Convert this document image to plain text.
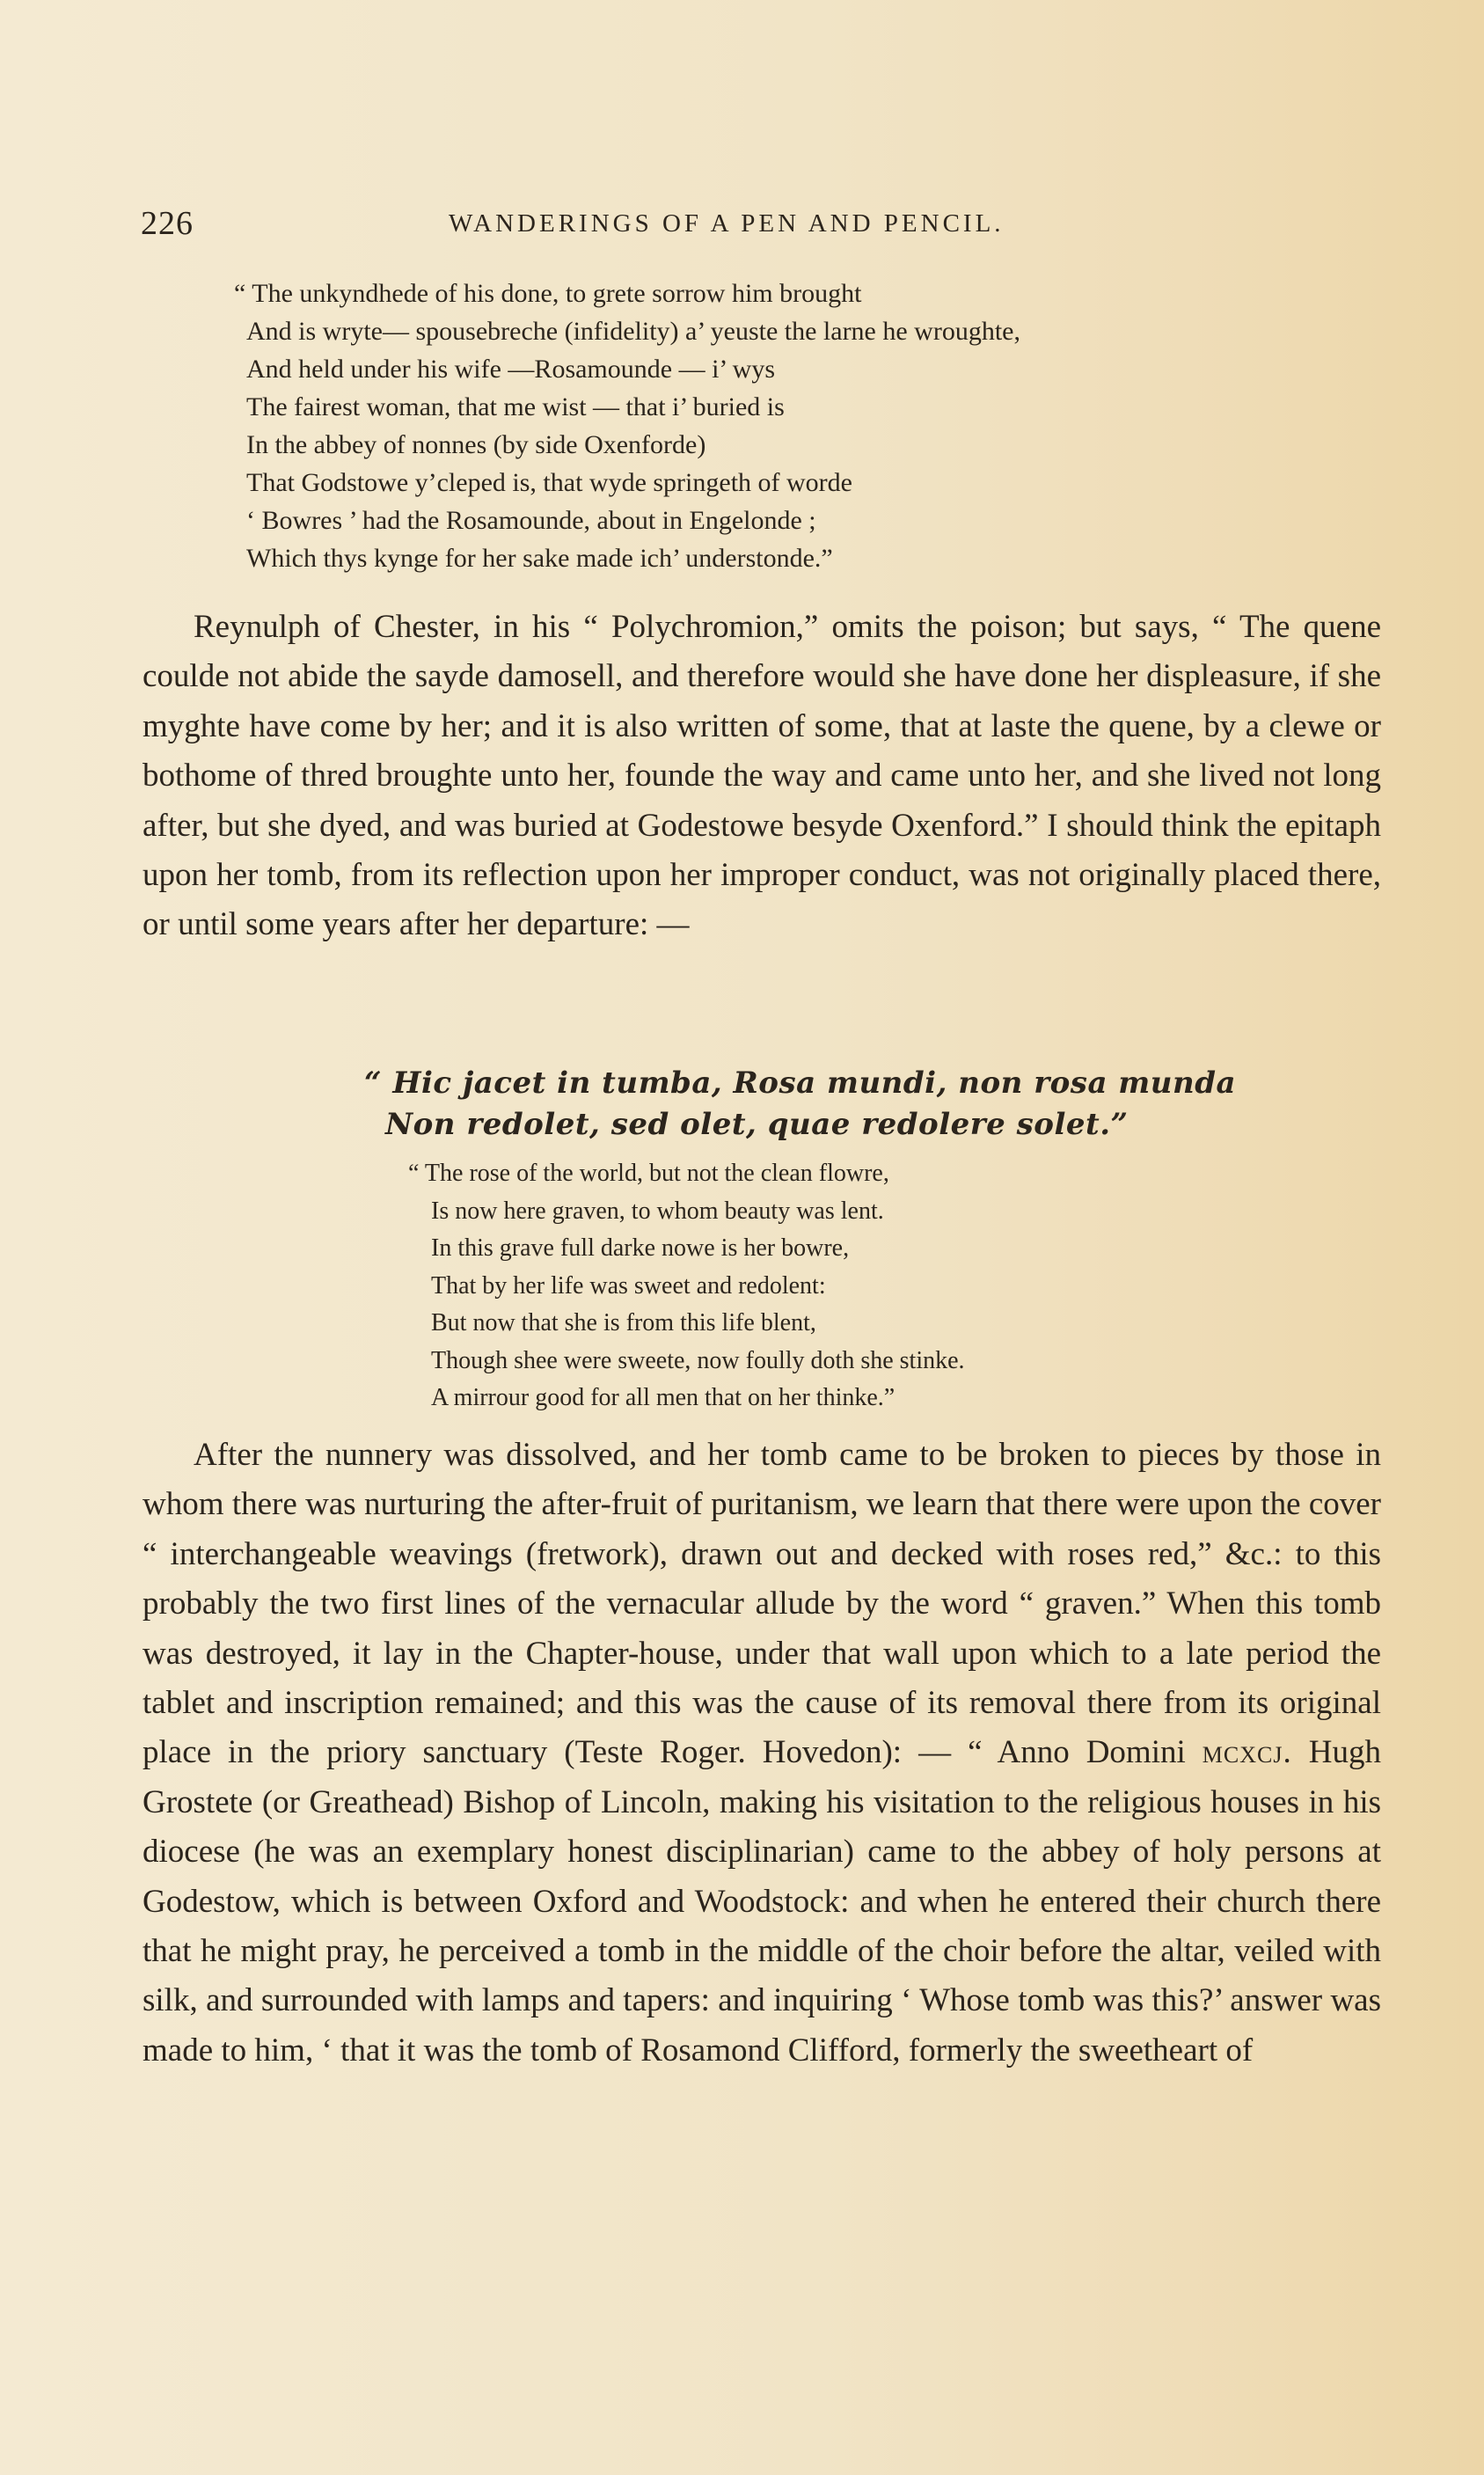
226	WANDERINGS OF A PEN AND PENCIL.
“ The unkyndhede of his done, to grete sorrow him brought
And is wryte— spousebreche (infidelity) a’ yeuste the larne he wroughte,
And held under his wife —Rosamounde — i’ wys
The fairest woman, that me wist — that i’ buried is
In the abbey of nonnes (by side Oxenforde)
That Godstowe y’cleped is, that wyde springeth of worde
‘ Bowres ’ had the Rosamounde, about in Engelonde ;
Which thys kynge for her sake made ich’ understonde.”

Reynulph of Chester, in his “ Polychromion,” omits the poison; but says, “ The quene coulde not abide the sayde damosell, and therefore would she have done her displeasure, if she myghte have come by her; and it is also written of some, that at laste the quene, by a clewe or bothome of thred broughte unto her, founde the way and came unto her, and she lived not long after, but she dyed, and was buried at Godestowe besyde Oxenford.” I should think the epitaph upon her tomb, from its reflection upon her improper conduct, was not originally placed there, or until some years after her departure: —

“ Hic jacet in tumba, Rosa mundi, non rosa munda
Non redolet, sed olet, quae redolere solet.”
“ The rose of the world, but not the clean flowre,
Is now here graven, to whom beauty was lent.
In this grave full darke nowe is her bowre,
That by her life was sweet and redolent:
But now that she is from this life blent,
Though shee were sweete, now foully doth she stinke.
A mirrour good for all men that on her thinke.”

After the nunnery was dissolved, and her tomb came to be broken to pieces by those in whom there was nurturing the after-fruit of puritanism, we learn that there were upon the cover “ interchangeable weavings (fretwork), drawn out and decked with roses red,” &c.: to this probably the two first lines of the vernacular allude by the word “ graven.” When this tomb was destroyed, it lay in the Chapter-house, under that wall upon which to a late period the tablet and inscription remained; and this was the cause of its removal there from its original place in the priory sanctuary (Teste Roger. Hovedon): — “ Anno Domini mcxcj. Hugh Grostete (or Greathead) Bishop of Lincoln, making his visitation to the religious houses in his diocese (he was an exemplary honest disciplinarian) came to the abbey of holy persons at Godestow, which is between Oxford and Woodstock: and when he entered their church there that he might pray, he perceived a tomb in the middle of the choir before the altar, veiled with silk, and surrounded with lamps and tapers: and inquiring ‘ Whose tomb was this?’ answer was made to him, ‘ that it was the tomb of Rosamond Clifford, formerly the sweetheart of
